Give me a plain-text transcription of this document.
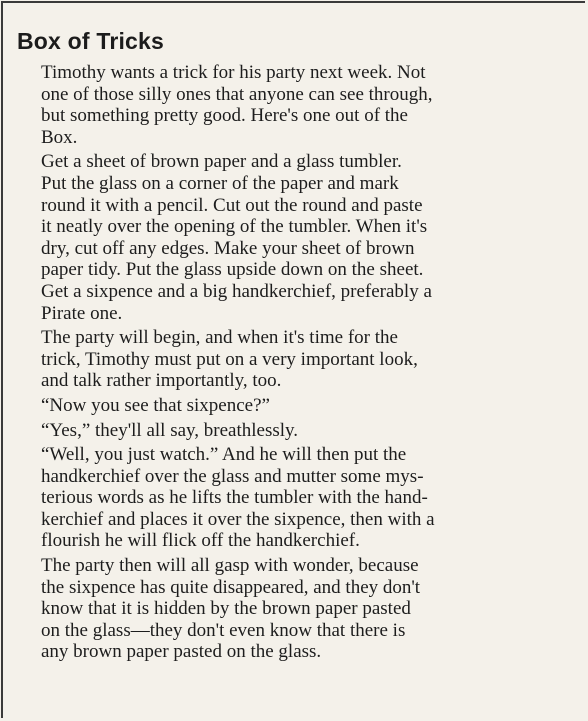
Box of Tricks

Timothy wants a trick for his party next week. Not
one of those silly ones that anyone can see through,
but something pretty good. Here's one out of the
Box.

Get a sheet of brown paper and a glass tumbler.
Put the glass on a corner of the paper and mark
round it with a pencil. Cut out the round and paste
it neatly over the opening of the tumbler. When it's
dry, cut off any edges. Make your sheet of brown
paper tidy. Put the glass upside down on the sheet.
Get a sixpence and a big handkerchief, preferably a
Pirate one.

The party will begin, and when it's time for the
trick, Timothy must put on a very important look,
and talk rather importantly, too.

“Now you see that sixpence?”

“Yes,” they'll all say, breathlessly.

“Well, you just watch.” And he will then put the
handkerchief over the glass and mutter some mys-
terious words as he lifts the tumbler with the hand-
kerchief and places it over the sixpence, then with a
flourish he will flick off the handkerchief.

The party then will all gasp with wonder, because
the sixpence has quite disappeared, and they don't
know that it is hidden by the brown paper pasted
on the glass—they don't even know that there is
any brown paper pasted on the glass.
